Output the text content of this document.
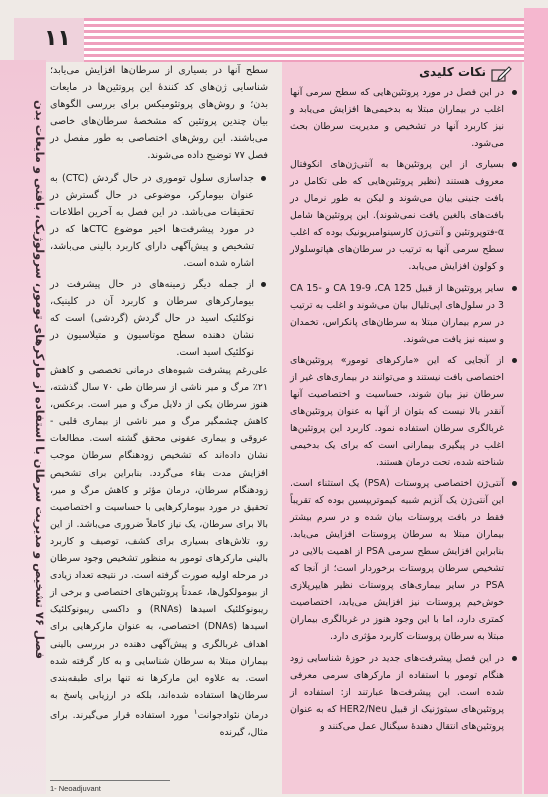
۱۱
فصل ۷۶ تشخیص و مدیریت سرطان با استفاده از مارکرهای تومور، سرولوژیک، بافتی و مایعات بدن

سطح آنها در بسیاری از سرطان‌ها افزایش می‌یابد؛ شناسایی ژن‌های کد کنندهٔ این پروتئین‌ها در مایعات بدن؛ و روش‌های پروتئومیکس برای بررسی الگوهای بیان چندین پروتئین که مشخصهٔ سرطان‌های خاصی می‌باشند. این روش‌های اختصاصی به طور مفصل در فصل ۷۷ توضیح داده می‌شوند.

جداسازی سلول توموری در حال گردش (CTC) به عنوان بیومارکر، موضوعی در حال گسترش در تحقیقات می‌باشد. در این فصل به آخرین اطلاعات در مورد پیشرفت‌ها اخیر موضوع CTCها که در تشخیص و پیش‌آگهی دارای کاربرد بالینی می‌باشد، اشاره شده است.
از جمله دیگر زمینه‌های در حال پیشرفت در بیومارکرهای سرطان و کاربرد آن در کلینیک، نوکلئیک اسید در حال گردش (گردشی) است که نشان دهنده سطح موتاسیون و متیلاسیون در نوکلئیک اسید است.
علی‌رغم پیشرفت شیوه‌های درمانی تخصصی و کاهش ۲۱٪ مرگ و میر ناشی از سرطان طی ۷۰ سال گذشته، هنوز سرطان یکی از دلایل مرگ و میر است. برعکس، کاهش چشمگیر مرگ و میر ناشی از بیماری قلبی - عروقی و بیماری عفونی محقق گشته است. مطالعات نشان داده‌اند که تشخیص زودهنگام سرطان موجب افزایش مدت بقاء می‌گردد. بنابراین برای تشخیص زودهنگام سرطان، درمان مؤثر و کاهش مرگ و میر، تحقیق در مورد بیومارکرهایی با حساسیت و اختصاصیت بالا برای سرطان، یک نیاز کاملاً ضروری می‌باشد. از این رو، تلاش‌های بسیاری برای کشف، توصیف و کاربرد بالینی مارکرهای تومور به منظور تشخیص وجود سرطان در مرحله اولیه صورت گرفته است. در نتیجه تعداد زیادی از بیومولکول‌ها، عمدتاً پروتئین‌های اختصاصی و برخی از ریبونوکلئیک اسیدها (RNAs) و داکسی ریبونوکلئیک اسیدها (DNAs) اختصاصی، به عنوان مارکرهایی برای اهداف غربالگری و پیش‌آگهی دهنده در بررسی بالینی بیماران مبتلا به سرطان شناسایی و به کار گرفته شده است. به علاوه این مارکرها نه تنها برای طبقه‌بندی سرطان‌ها استفاده شده‌اند، بلکه در ارزیابی پاسخ به درمان نئوادجوانت$^۱$ مورد استفاده قرار می‌گیرند. برای مثال، گیرنده
1- Neoadjuvant
نکات کلیدی
در این فصل در مورد پروتئین‌هایی که سطح سرمی آنها اغلب در بیماران مبتلا به بدخیمی‌ها افزایش می‌یابد و نیز کاربرد آنها در تشخیص و مدیریت سرطان بحث می‌شود.
بسیاری از این پروتئین‌ها به آنتی‌ژن‌های انکوفتال معروف هستند (نظیر پروتئین‌هایی که طی تکامل در بافت جنینی بیان می‌شوند و لیکن به طور نرمال در بافت‌های بالغین یافت نمی‌شوند). این پروتئین‌ها شامل α-فتوپروتئین و آنتی‌ژن کارسینوامبریونیک بوده که اغلب سطح سرمی آنها به ترتیب در سرطان‌های هپاتوسلولار و کولون افزایش می‌یابد.
سایر پروتئین‌ها از قبیل CA 19-9 ،CA 125 و CA 15-3 در سلول‌های اپی‌تلیال بیان می‌شوند و اغلب به ترتیب در سرم بیماران مبتلا به سرطان‌های پانکراس، تخمدان و سینه نیز یافت می‌شوند.
از آنجایی که این «مارکرهای تومور» پروتئین‌های اختصاصی بافت نیستند و می‌توانند در بیماری‌های غیر از سرطان نیز بیان شوند، حساسیت و اختصاصیت آنها آنقدر بالا نیست که بتوان از آنها به عنوان پروتئین‌های غربالگری سرطان استفاده نمود. کاربرد این پروتئین‌ها اغلب در پیگیری بیمارانی است که برای یک بدخیمی شناخته شده، تحت درمان هستند.
آنتی‌ژن اختصاصی پروستات (PSA) یک استثناء است. این آنتی‌ژن یک آنزیم شبیه کیموتریپسین بوده که تقریباً فقط در بافت پروستات بیان شده و در سرم بیشتر بیماران مبتلا به سرطان پروستات افزایش می‌یابد. بنابراین افزایش سطح سرمی PSA از اهمیت بالایی در تشخیص سرطان پروستات برخوردار است؛ از آنجا که PSA در سایر بیماری‌های پروستات نظیر هایپرپلازی خوش‌خیم پروستات نیز افزایش می‌یابد، اختصاصیت کمتری دارد، اما با این وجود هنوز در غربالگری بیماران مبتلا به سرطان پروستات کاربرد مؤثری دارد.
در این فصل پیشرفت‌های جدید در حوزهٔ شناسایی زود هنگام تومور با استفاده از مارکرهای سرمی معرفی شده است. این پیشرفت‌ها عبارتند از: استفاده از پروتئین‌های سیتوژنیک از قبیل HER2/Neu که به عنوان پروتئین‌های انتقال دهندهٔ سیگنال عمل می‌کنند و
